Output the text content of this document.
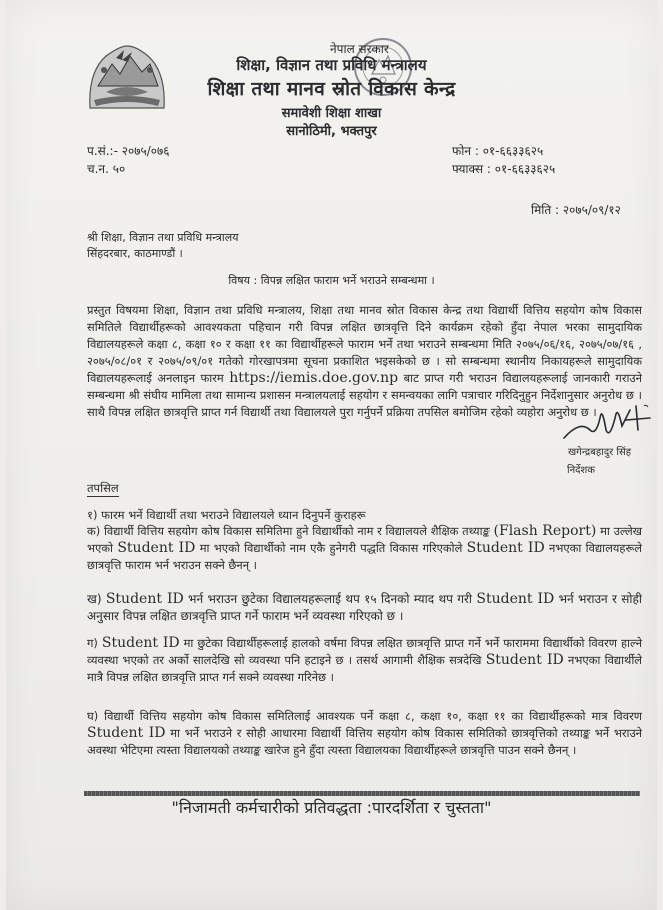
नेपाल सरकार
शिक्षा, विज्ञान तथा प्रविधि मन्त्रालय
शिक्षा तथा मानव स्रोत विकास केन्द्र
समावेशी शिक्षा शाखा
सानोठिमी, भक्तपुर
प.सं.:- २०७५/०७६
च.न. ५०
फोन : ०१-६६३३६२५
फ्याक्स : ०१-६६३३६२५
मिति : २०७५/०९/१२
श्री शिक्षा, विज्ञान तथा प्रविधि मन्त्रालय
सिंहदरबार, काठमाण्डौं ।
विषय : विपन्न लक्षित फाराम भर्ने भराउने सम्बन्धमा ।
प्रस्तुत विषयमा शिक्षा, विज्ञान तथा प्रविधि मन्त्रालय, शिक्षा तथा मानव स्रोत विकास केन्द्र तथा विद्यार्थी वित्तिय सहयोग कोष विकास समितिले विद्यार्थीहरूको आवश्यकता पहिचान गरी विपन्न लक्षित छात्रवृत्ति दिने कार्यक्रम रहेको हुँदा नेपाल भरका सामुदायिक विद्यालयहरूले कक्षा ८, कक्षा १० र कक्षा ११ का विद्यार्थीहरूले फाराम भर्ने तथा भराउने सम्बन्धमा मिति २०७५/०६/१६, २०७५/०७/१६ , २०७५/०८/०१ र २०७५/०९/०१ गतेको गोरखापत्रमा सूचना प्रकाशित भइसकेको छ । सो सम्बन्धमा स्थानीय निकायहरूले सामुदायिक विद्यालयहरूलाई अनलाइन फारम https://iemis.doe.gov.np बाट प्राप्त गरी भराउन विद्यालयहरूलाई जानकारी गराउने सम्बन्धमा श्री संघीय मामिला तथा सामान्य प्रशासन मन्त्रालयलाई सहयोग र समन्वयका लागि पत्राचार गरिदिनुहुन निर्देशानुसार अनुरोध छ । साथै विपन्न लक्षित छात्रवृत्ति प्राप्त गर्न विद्यार्थी तथा विद्यालयले पुरा गर्नुपर्ने प्रक्रिया तपसिल बमोजिम रहेको व्यहोरा अनुरोध छ ।
खगेन्द्रबहादुर सिंह
निर्देशक
तपसिल
१) फारम भर्ने विद्यार्थी तथा भराउने विद्यालयले ध्यान दिनुपर्ने कुराहरू
क) विद्यार्थी वित्तिय सहयोग कोष विकास समितिमा हुने विद्यार्थीको नाम र विद्यालयले शैक्षिक तथ्याङ्क (Flash Report) मा उल्लेख भएको Student ID मा भएको विद्यार्थीको नाम एकै हुनेगरी पद्धति विकास गरिएकोले Student ID नभएका विद्यालयहरूले छात्रवृत्ति फाराम भर्न भराउन सक्ने छैनन् ।
ख) Student ID भर्न भराउन छुटेका विद्यालयहरूलाई थप १५ दिनको म्याद थप गरी Student ID भर्न भराउन र सोही अनुसार विपन्न लक्षित छात्रवृत्ति प्राप्त गर्ने फाराम भर्ने व्यवस्था गरिएको छ ।
ग) Student ID मा छुटेका विद्यार्थीहरूलाई हालको वर्षमा विपन्न लक्षित छात्रवृत्ति प्राप्त गर्ने भर्ने फाराममा विद्यार्थीको विवरण हाल्ने व्यवस्था भएको तर अर्को सालदेखि सो व्यवस्था पनि हटाइने छ । तसर्थ आगामी शैक्षिक सत्रदेखि Student ID नभएका विद्यार्थीले मात्रै विपन्न लक्षित छात्रवृत्ति प्राप्त गर्न सक्ने व्यवस्था गरिनेछ ।
घ) विद्यार्थी वित्तिय सहयोग कोष विकास समितिलाई आवश्यक पर्ने कक्षा ८, कक्षा १०, कक्षा ११ का विद्यार्थीहरूको मात्र विवरण Student ID मा भर्ने भराउने र सोही आधारमा विद्यार्थी वित्तिय सहयोग कोष विकास समितिको छात्रवृत्तिको तथ्याङ्क भर्ने भराउने अवस्था भेटिएमा त्यस्ता विद्यालयको तथ्याङ्क खारेज हुने हुँदा त्यस्ता विद्यालयका विद्यार्थीहरूले छात्रवृत्ति पाउन सक्ने छैनन् ।
"निजामती कर्मचारीको प्रतिवद्धता :पारदर्शिता र चुस्तता"
